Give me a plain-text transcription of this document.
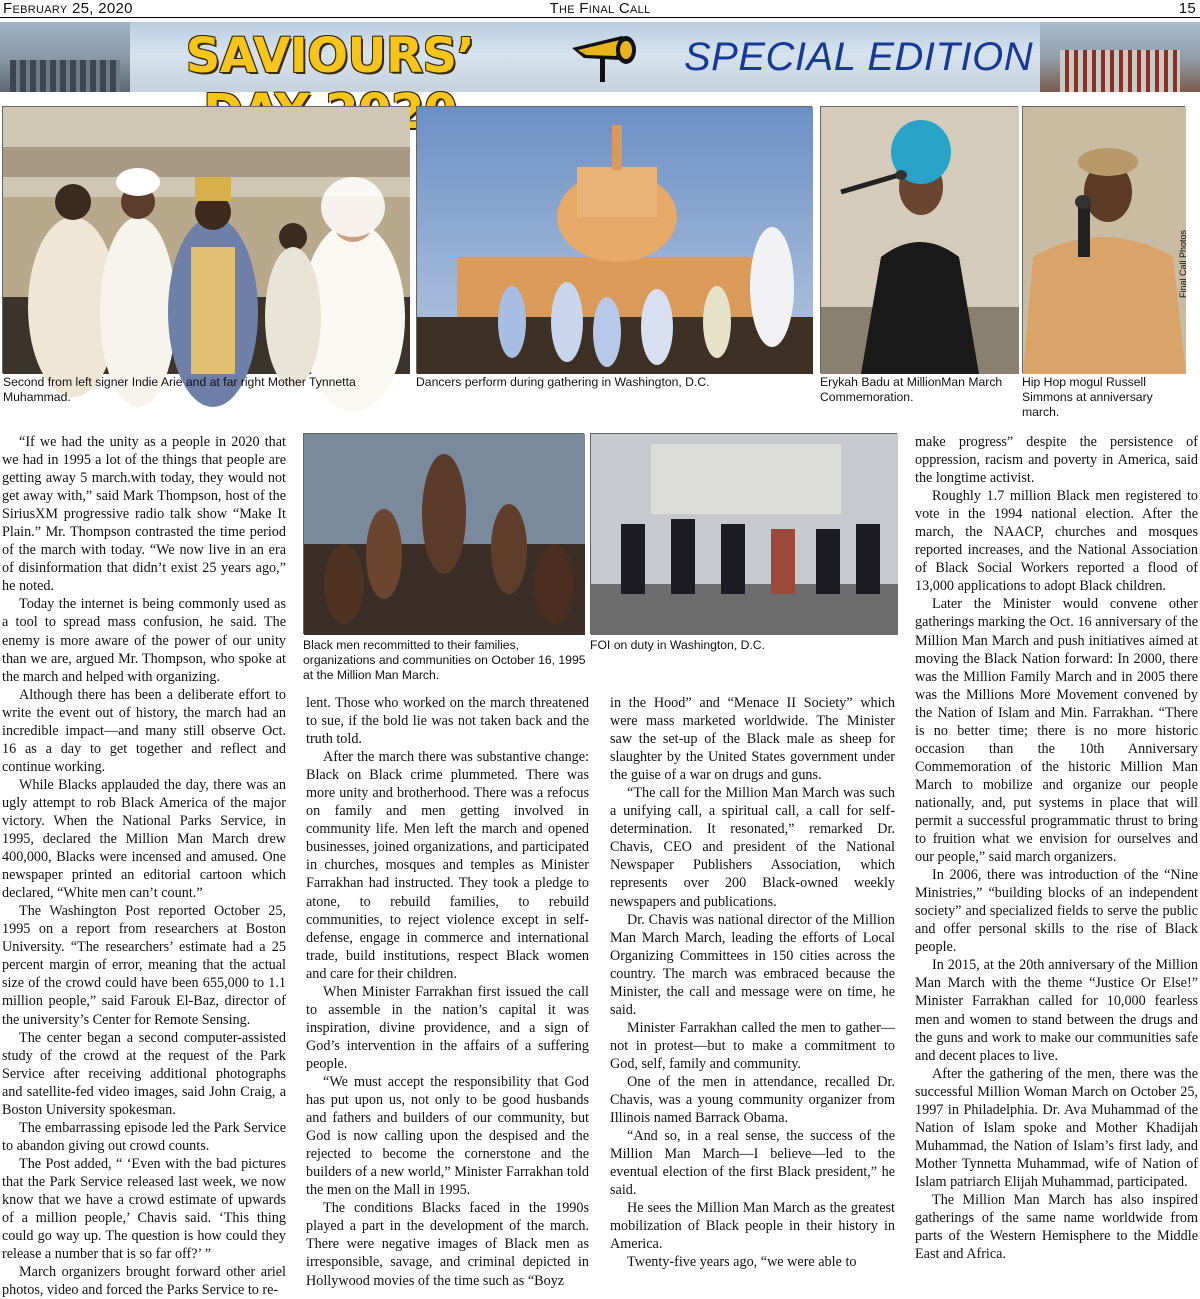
February 25, 2020	The Final Call	15
SAVIOURS’	SPECIAL EDITION
Second from left signer Indie Arie and at far right Mother Tynnetta Muhammad.
Dancers perform during gathering in Washington, D.C.	Erykah Badu at MillionMan March Commemoration.
Hip Hop mogul Russell Simmons at anniversary march.
Final Call Photos
Black men recommitted to their families, organizations and communities on October 16, 1995 at the Million Man March.
FOI on duty in Washington, D.C.

“If we had the unity as a people in 2020 that we had in 1995 a lot of the things that people are getting away 5 march.with today, they would not get away with,” said Mark Thompson, host of the SiriusXM progressive radio talk show “Make It Plain.” Mr. Thompson contrasted the time period of the march with today. “We now live in an era of disinformation that didn’t exist 25 years ago,” he noted.

Today the internet is being commonly used as a tool to spread mass confusion, he said. The enemy is more aware of the power of our unity than we are, argued Mr. Thompson, who spoke at the march and helped with organizing.

Although there has been a deliberate effort to write the event out of history, the march had an incredible impact—and many still observe Oct. 16 as a day to get together and reflect and continue working.

While Blacks applauded the day, there was an ugly attempt to rob Black America of the major victory. When the National Parks Service, in 1995, declared the Million Man March drew 400,000, Blacks were incensed and amused. One newspaper printed an editorial cartoon which declared, “White men can’t count.”

The Washington Post reported October 25, 1995 on a report from researchers at Boston University. “The researchers’ estimate had a 25 percent margin of error, meaning that the actual size of the crowd could have been 655,000 to 1.1 million people,” said Farouk El-Baz, director of the university’s Center for Remote Sensing.

The center began a second computer-assisted study of the crowd at the request of the Park Service after receiving additional photographs and satellite-fed video images, said John Craig, a Boston University spokesman.

The embarrassing episode led the Park Service to abandon giving out crowd counts.

The Post added, “ ‘Even with the bad pictures that the Park Service released last week, we now know that we have a crowd estimate of upwards of a million people,’ Chavis said. ‘This thing could go way up. The question is how could they release a number that is so far off?’ ”

March organizers brought forward other ariel photos, video and forced the Parks Service to re-

lent. Those who worked on the march threatened to sue, if the bold lie was not taken back and the truth told.

After the march there was substantive change: Black on Black crime plummeted. There was more unity and brotherhood. There was a refocus on family and men getting involved in community life. Men left the march and opened businesses, joined organizations, and participated in churches, mosques and temples as Minister Farrakhan had instructed. They took a pledge to atone, to rebuild families, to rebuild communities, to reject violence except in self-defense, engage in commerce and international trade, build institutions, respect Black women and care for their children.

When Minister Farrakhan first issued the call to assemble in the nation’s capital it was inspiration, divine providence, and a sign of God’s intervention in the affairs of a suffering people.

“We must accept the responsibility that God has put upon us, not only to be good husbands and fathers and builders of our community, but God is now calling upon the despised and the rejected to become the cornerstone and the builders of a new world,” Minister Farrakhan told the men on the Mall in 1995.

The conditions Blacks faced in the 1990s played a part in the development of the march. There were negative images of Black men as irresponsible, savage, and criminal depicted in Hollywood movies of the time such as “Boyz

in the Hood” and “Menace II Society” which were mass marketed worldwide. The Minister saw the set-up of the Black male as sheep for slaughter by the United States government under the guise of a war on drugs and guns.

“The call for the Million Man March was such a unifying call, a spiritual call, a call for self-determination. It resonated,” remarked Dr. Chavis, CEO and president of the National Newspaper Publishers Association, which represents over 200 Black-owned weekly newspapers and publications.

Dr. Chavis was national director of the Million Man March March, leading the efforts of Local Organizing Committees in 150 cities across the country. The march was embraced because the Minister, the call and message were on time, he said.

Minister Farrakhan called the men to gather—not in protest—but to make a commitment to God, self, family and community.

One of the men in attendance, recalled Dr. Chavis, was a young community organizer from Illinois named Barrack Obama.

“And so, in a real sense, the success of the Million Man March—I believe—led to the eventual election of the first Black president,” he said.

He sees the Million Man March as the greatest mobilization of Black people in their history in America.

Twenty-five years ago, “we were able to

make progress” despite the persistence of oppression, racism and poverty in America, said the longtime activist.

Roughly 1.7 million Black men registered to vote in the 1994 national election. After the march, the NAACP, churches and mosques reported increases, and the National Association of Black Social Workers reported a flood of 13,000 applications to adopt Black children.

Later the Minister would convene other gatherings marking the Oct. 16 anniversary of the Million Man March and push initiatives aimed at moving the Black Nation forward: In 2000, there was the Million Family March and in 2005 there was the Millions More Movement convened by the Nation of Islam and Min. Farrakhan. “There is no better time; there is no more historic occasion than the 10th Anniversary Commemoration of the historic Million Man March to mobilize and organize our people nationally, and, put systems in place that will permit a successful programmatic thrust to bring to fruition what we envision for ourselves and our people,” said march organizers.

In 2006, there was introduction of the “Nine Ministries,” “building blocks of an independent society” and specialized fields to serve the public and offer personal skills to the rise of Black people.

In 2015, at the 20th anniversary of the Million Man March with the theme “Justice Or Else!” Minister Farrakhan called for 10,000 fearless men and women to stand between the drugs and the guns and work to make our communities safe and decent places to live.

After the gathering of the men, there was the successful Million Woman March on October 25, 1997 in Philadelphia. Dr. Ava Muhammad of the Nation of Islam spoke and Mother Khadijah Muhammad, the Nation of Islam’s first lady, and Mother Tynnetta Muhammad, wife of Nation of Islam patriarch Elijah Muhammad, participated.

The Million Man March has also inspired gatherings of the same name worldwide from parts of the Western Hemisphere to the Middle East and Africa.
